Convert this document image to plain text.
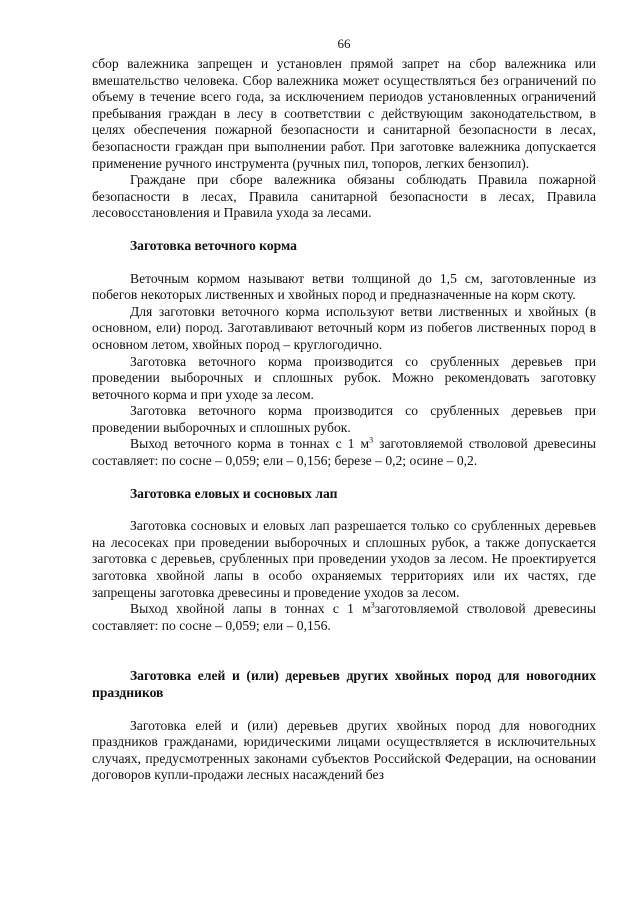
66

сбор валежника запрещен и установлен прямой запрет на сбор валежника или вмешательство человека. Сбор валежника может осуществляться без ограничений по объему в течение всего года, за исключением периодов установленных ограничений пребывания граждан в лесу в соответствии с действующим законодательством, в целях обеспечения пожарной безопасности и санитарной безопасности в лесах, безопасности граждан при выполнении работ. При заготовке валежника допускается применение ручного инструмента (ручных пил, топоров, легких бензопил).

Граждане при сборе валежника обязаны соблюдать Правила пожарной безопасности в лесах, Правила санитарной безопасности в лесах, Правила лесовосстановления и Правила ухода за лесами.

Заготовка веточного корма

Веточным кормом называют ветви толщиной до 1,5 см, заготовленные из побегов некоторых лиственных и хвойных пород и предназначенные на корм скоту.

Для заготовки веточного корма используют ветви лиственных и хвойных (в основном, ели) пород. Заготавливают веточный корм из побегов лиственных пород в основном летом, хвойных пород – круглогодично.

Заготовка веточного корма производится со срубленных деревьев при проведении выборочных и сплошных рубок. Можно рекомендовать заготовку веточного корма и при уходе за лесом.

Заготовка веточного корма производится со срубленных деревьев при проведении выборочных и сплошных рубок.

Выход веточного корма в тоннах с 1 $м^3$ заготовляемой стволовой древесины составляет: по сосне – 0,059; ели – 0,156; березе – 0,2; осине – 0,2.

Заготовка еловых и сосновых лап

Заготовка сосновых и еловых лап разрешается только со срубленных деревьев на лесосеках при проведении выборочных и сплошных рубок, а также допускается заготовка с деревьев, срубленных при проведении уходов за лесом. Не проектируется заготовка хвойной лапы в особо охраняемых территориях или их частях, где запрещены заготовка древесины и проведение уходов за лесом.

Выход хвойной лапы в тоннах с 1 $м^3заготовляемой$ стволовой древесины составляет: по сосне – 0,059; ели – 0,156.

Заготовка елей и (или) деревьев других хвойных пород для новогодних праздников

Заготовка елей и (или) деревьев других хвойных пород для новогодних праздников гражданами, юридическими лицами осуществляется в исключительных случаях, предусмотренных законами субъектов Российской Федерации, на основании договоров купли-продажи лесных насаждений без
